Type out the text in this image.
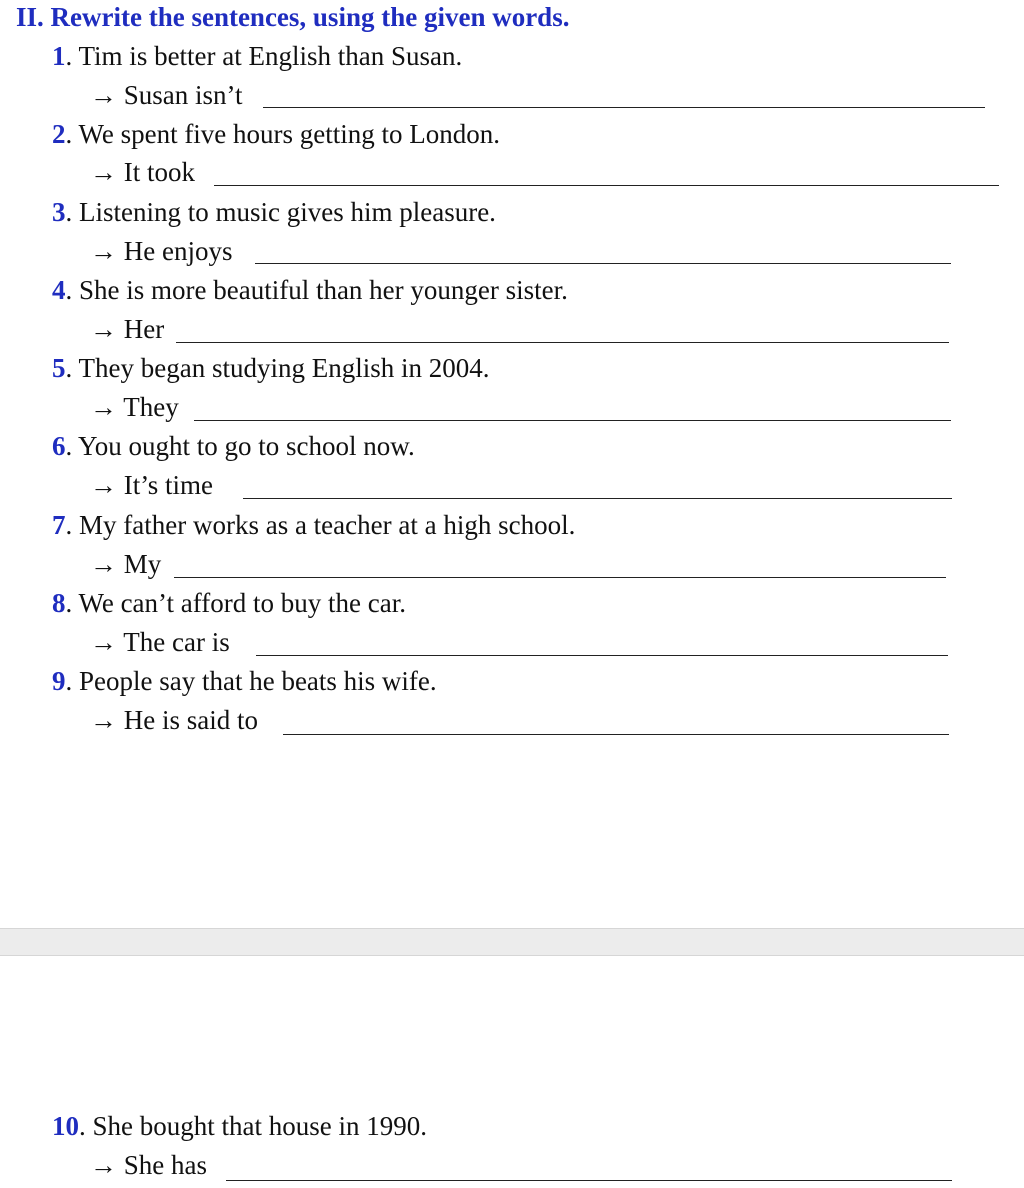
II. Rewrite the sentences, using the given words.
1. Tim is better at English than Susan.
→ Susan isn’t
2. We spent five hours getting to London.
→ It took
3. Listening to music gives him pleasure.
→ He enjoys
4. She is more beautiful than her younger sister.
→ Her
5. They began studying English in 2004.
→ They
6. You ought to go to school now.
→ It’s time
7. My father works as a teacher at a high school.
→ My
8. We can’t afford to buy the car.
→ The car is
9. People say that he beats his wife.
→ He is said to
10. She bought that house in 1990.
→ She has
